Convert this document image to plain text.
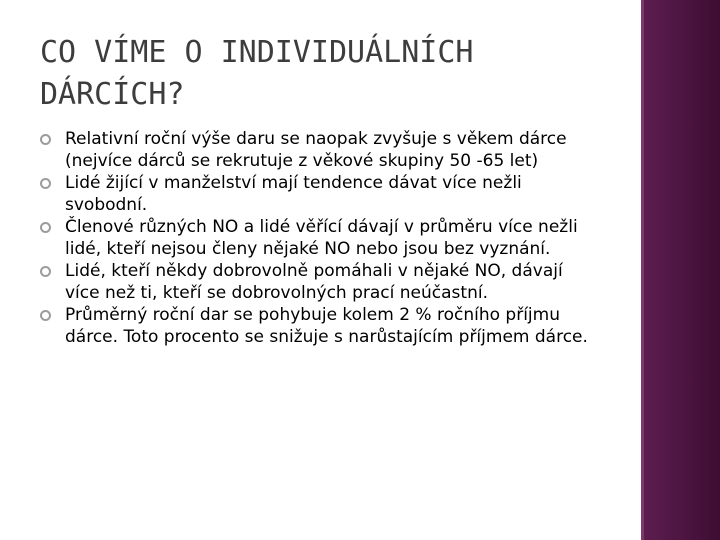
CO VÍME O INDIVIDUÁLNÍCH DÁRCÍCH?
Relativní roční výše daru se naopak zvyšuje s věkem dárce (nejvíce dárců se rekrutuje z věkové skupiny 50 -65 let)
Lidé žijící v manželství mají tendence dávat více nežli svobodní.
Členové různých NO a lidé věřící dávají v průměru více nežli lidé, kteří nejsou členy nějaké NO nebo jsou bez vyznání.
Lidé, kteří někdy dobrovolně pomáhali v nějaké NO, dávají více než ti, kteří se dobrovolných prací neúčastní.
Průměrný roční dar se pohybuje kolem 2 % ročního příjmu dárce. Toto procento se snižuje s narůstajícím příjmem dárce.
